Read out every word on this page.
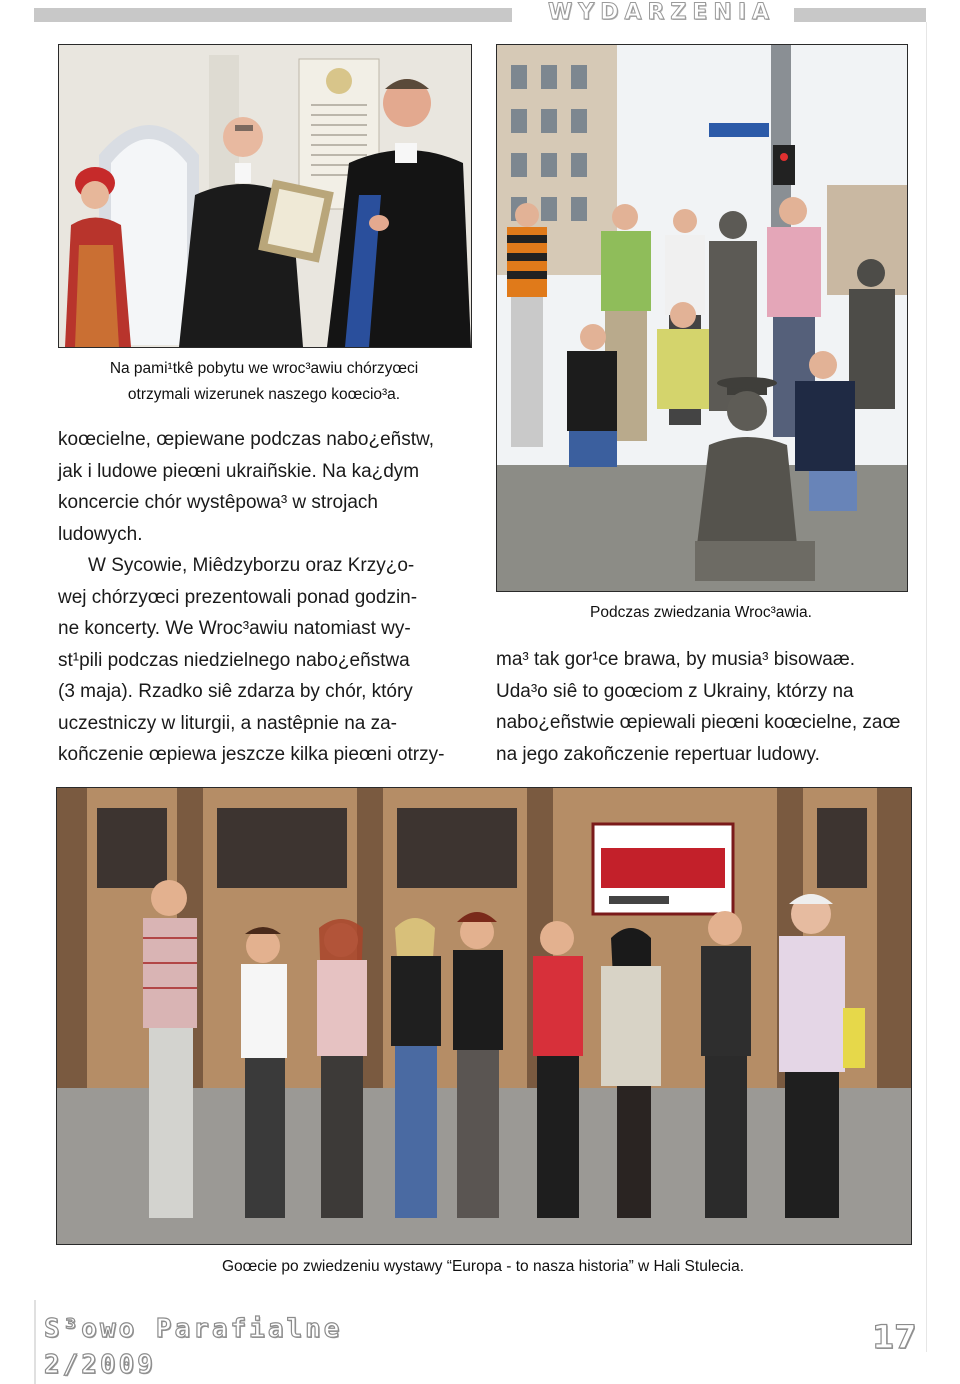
WYDARZENIA
Na pami¹tkê pobytu we wroc³awiu chórzyœci
otrzymali wizerunek naszego koœcio³a.
Podczas zwiedzania Wroc³awia.

koœcielne, œpiewane podczas nabo¿eñstw,

jak i ludowe pieœni ukraiñskie. Na ka¿dym

koncercie chór wystêpowa³ w strojach

ludowych.

W Sycowie, Miêdzyborzu oraz Krzy¿o-

wej chórzyœci prezentowali ponad godzin-

ne koncerty. We Wroc³awiu natomiast wy-

st¹pili podczas niedzielnego nabo¿eñstwa

(3 maja). Rzadko siê zdarza by chór, który

uczestniczy w liturgii, a nastêpnie na za-

koñczenie œpiewa jeszcze kilka pieœni otrzy-

ma³ tak gor¹ce brawa, by musia³ bisowaæ.

Uda³o siê to goœciom z Ukrainy, którzy na

nabo¿eñstwie œpiewali pieœni koœcielne, zaœ

na jego zakoñczenie repertuar ludowy.

Goœcie po zwiedzeniu wystawy “Europa - to nasza historia” w Hali Stulecia.
S³owo Parafialne
2/2009
17
